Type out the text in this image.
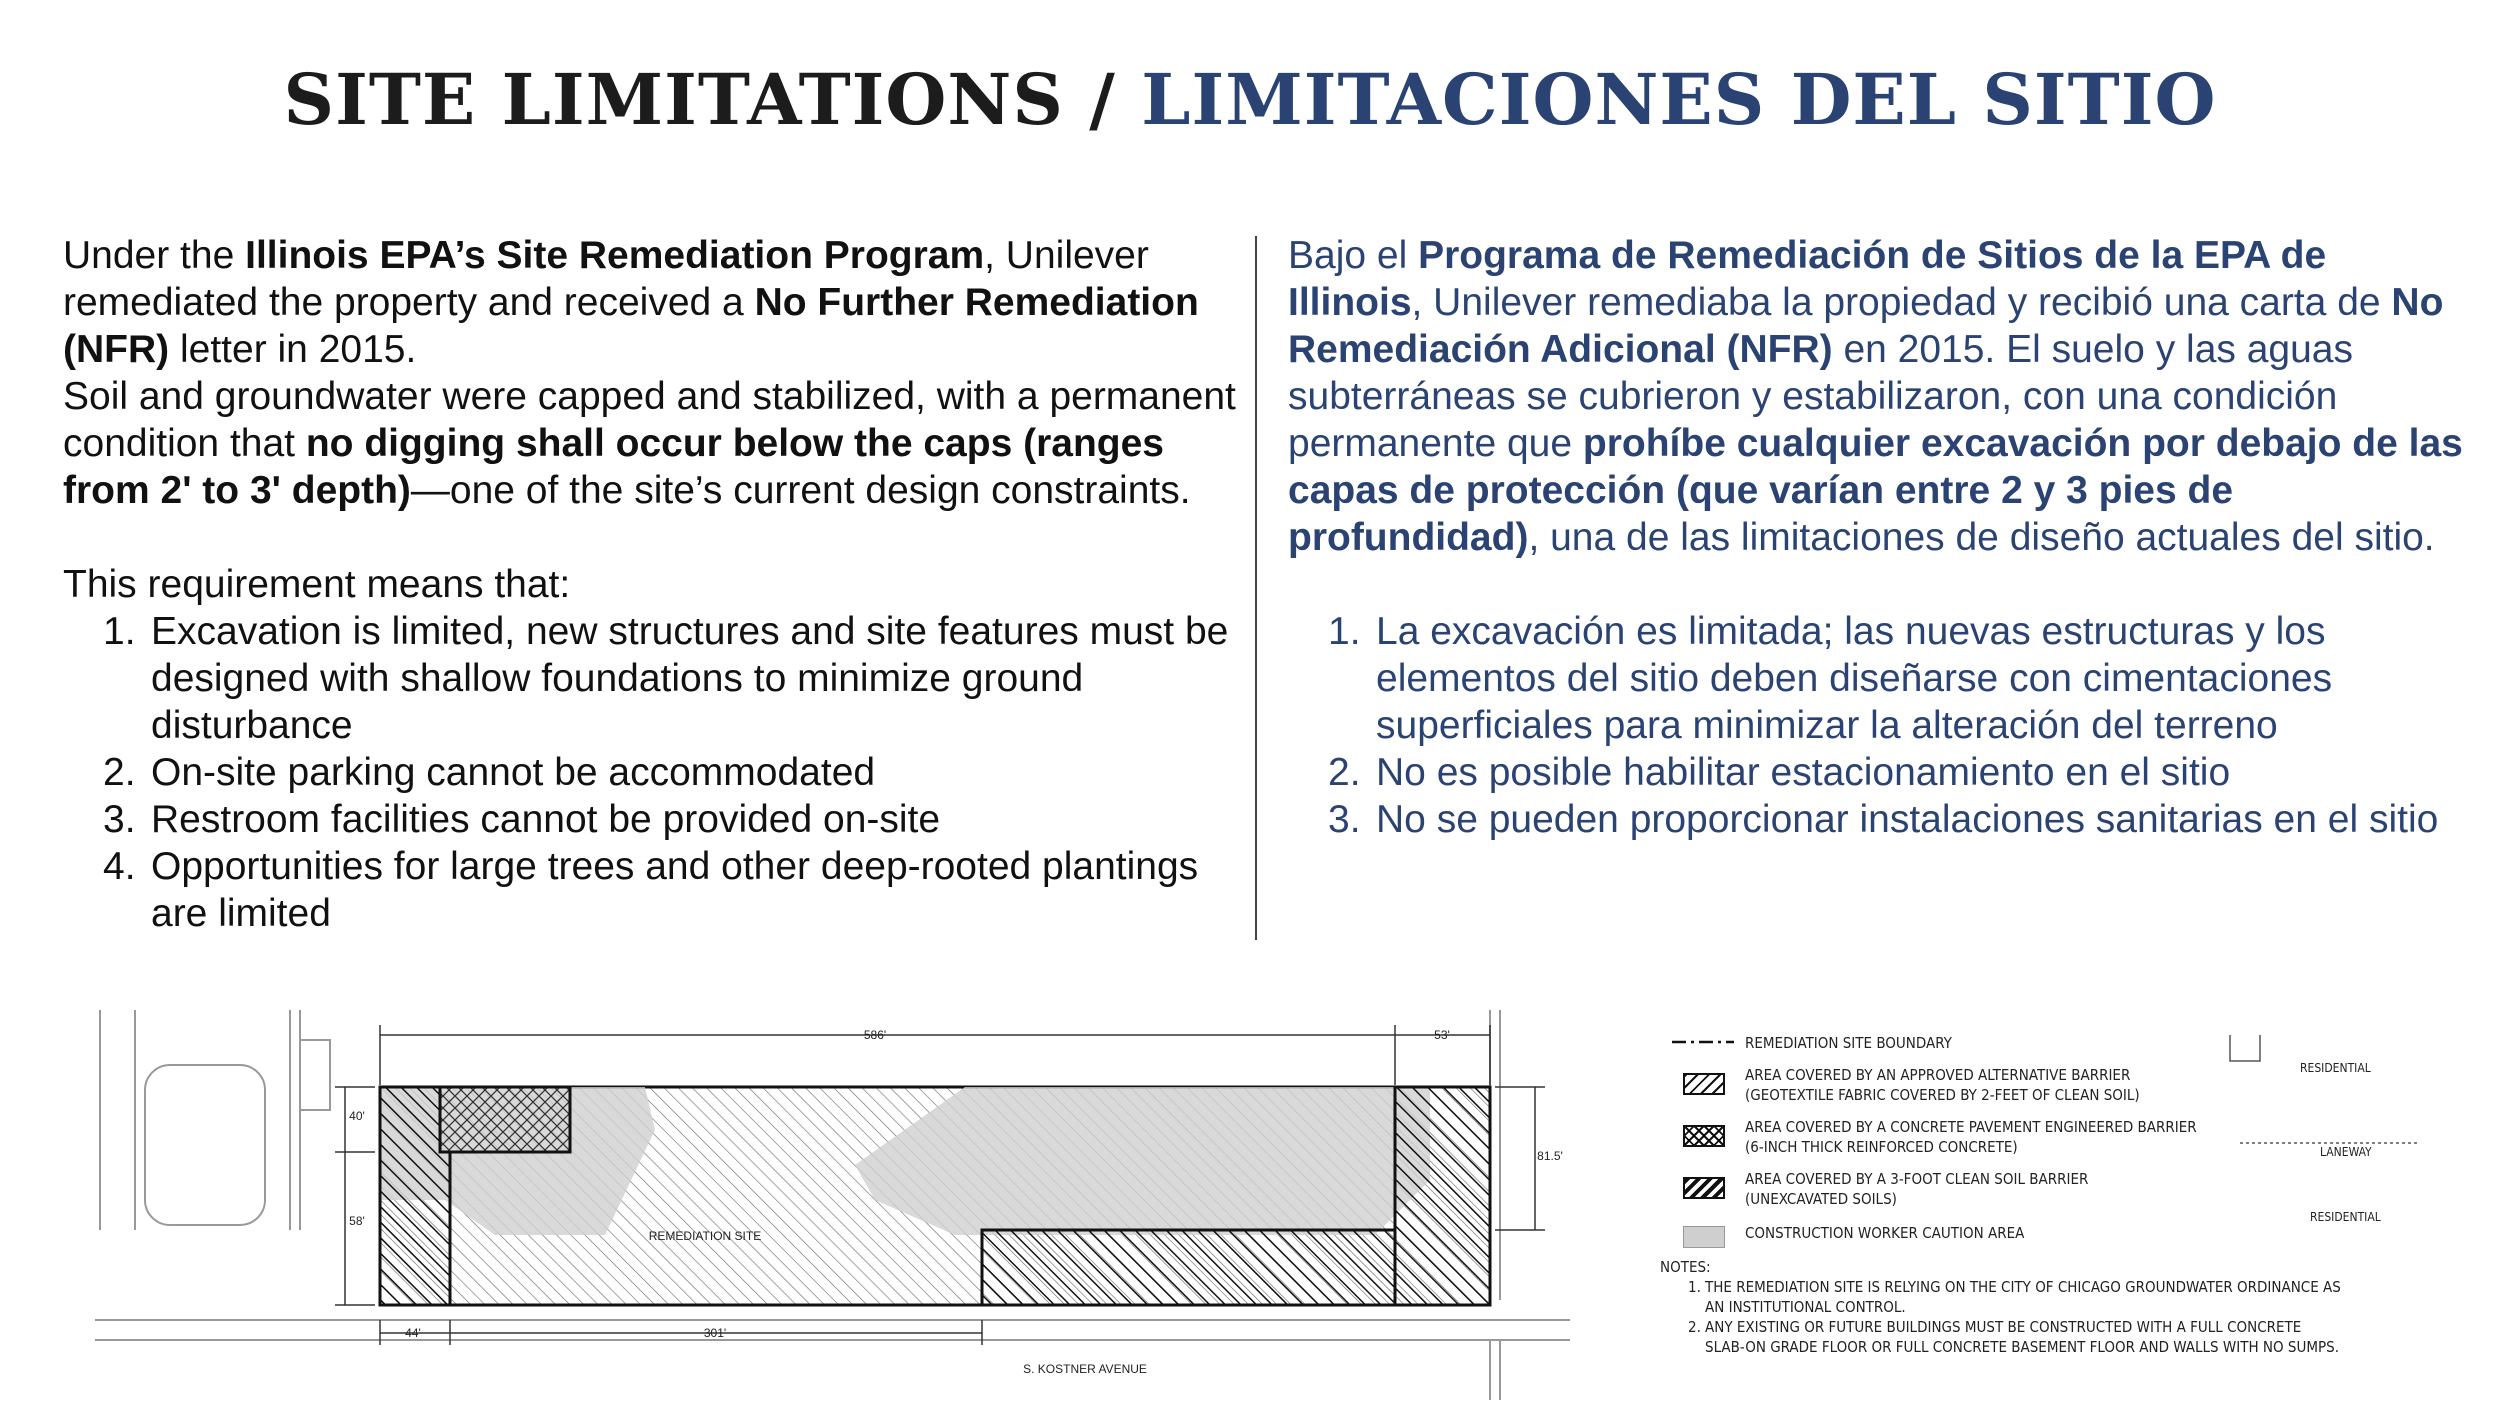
SITE LIMITATIONS / LIMITACIONES DEL SITIO

Under the Illinois EPA’s Site Remediation Program, Unilever remediated the property and received a No Further Remediation (NFR) letter in 2015.

Soil and groundwater were capped and stabilized, with a permanent condition that no digging shall occur below the caps (ranges from 2' to 3' depth)—one of the site’s current design constraints.

This requirement means that:

1. Excavation is limited, new structures and site features must be designed with shallow foundations to minimize ground disturbance
2. On-site parking cannot be accommodated
3. Restroom facilities cannot be provided on-site
4. Opportunities for large trees and other deep-rooted plantings are limited

Bajo el Programa de Remediación de Sitios de la EPA de Illinois, Unilever remediaba la propiedad y recibió una carta de No Remediación Adicional (NFR) en 2015. El suelo y las aguas subterráneas se cubrieron y estabilizaron, con una condición permanente que prohíbe cualquier excavación por debajo de las capas de protección (que varían entre 2 y 3 pies de profundidad), una de las limitaciones de diseño actuales del sitio.

1. La excavación es limitada; las nuevas estructuras y los elementos del sitio deben diseñarse con cimentaciones superficiales para minimizar la alteración del terreno
2. No es posible habilitar estacionamiento en el sitio
3. No se pueden proporcionar instalaciones sanitarias en el sitio
586'	53'
40'
58'
81.5'
44'	301'
REMEDIATION SITE
S. KOSTNER AVENUE
REMEDIATION SITE BOUNDARY
AREA COVERED BY AN APPROVED ALTERNATIVE BARRIER
(GEOTEXTILE FABRIC COVERED BY 2-FEET OF CLEAN SOIL)
AREA COVERED BY A CONCRETE PAVEMENT ENGINEERED BARRIER
(6-INCH THICK REINFORCED CONCRETE)
AREA COVERED BY A 3-FOOT CLEAN SOIL BARRIER
(UNEXCAVATED SOILS)
CONSTRUCTION WORKER CAUTION AREA
NOTES:
1. THE REMEDIATION SITE IS RELYING ON THE CITY OF CHICAGO GROUNDWATER ORDINANCE AS
AN INSTITUTIONAL CONTROL.
2. ANY EXISTING OR FUTURE BUILDINGS MUST BE CONSTRUCTED WITH A FULL CONCRETE
SLAB-ON GRADE FLOOR OR FULL CONCRETE BASEMENT FLOOR AND WALLS WITH NO SUMPS.
RESIDENTIAL
LANEWAY
RESIDENTIAL
